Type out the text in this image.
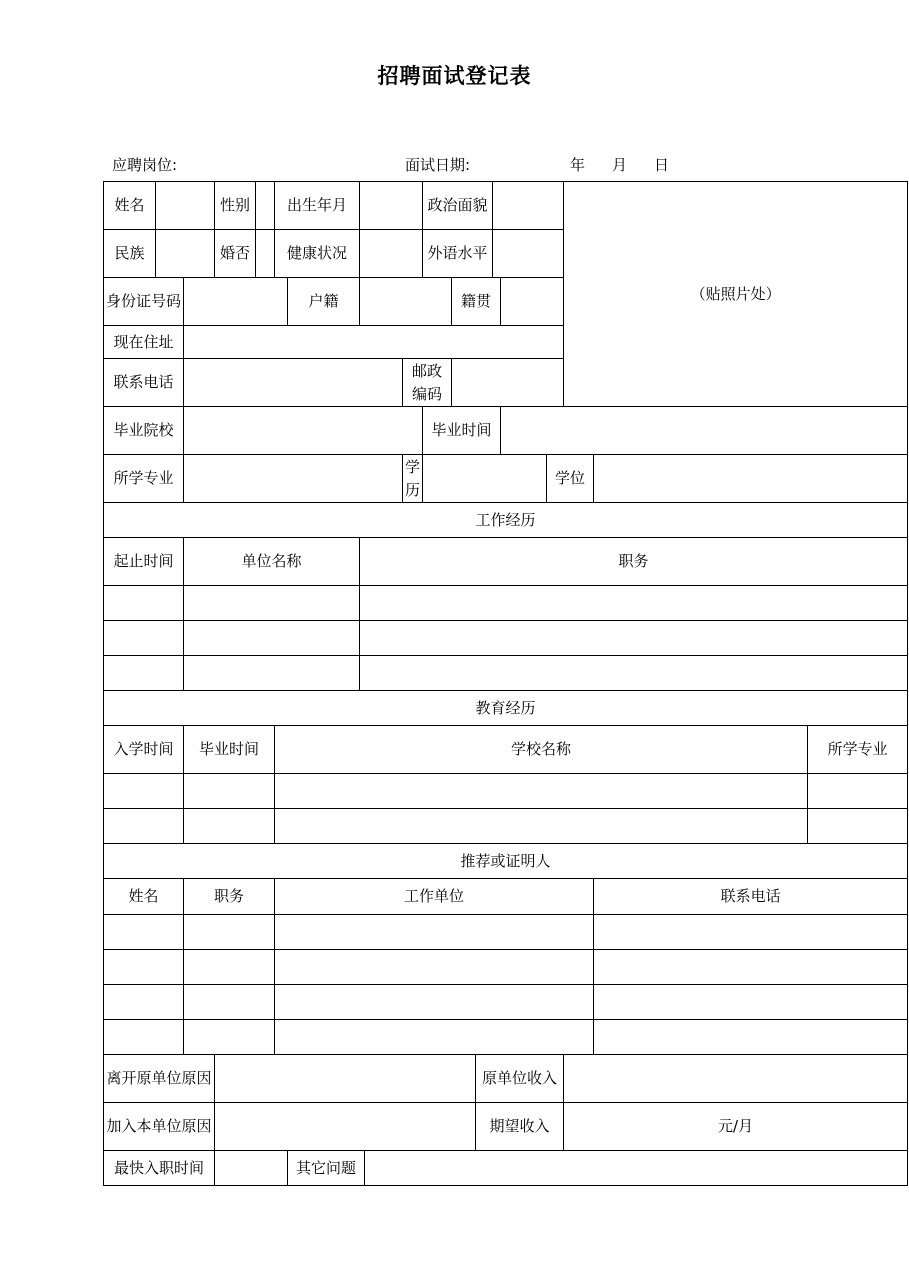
招聘面试登记表
应聘岗位:	面试日期:	年 月 日
姓名			性别		出生年月					政治面貌						（贴照片处）		
民族			婚否		健康状况					外语水平								
身份证号码						户籍					籍贯							
现在住址																		
联系电话									邮政编码									
毕业院校										毕业时间								
所学专业									学历						学位			
工作经历																		
起止时间		单位名称					职务											

教育经历																		
入学时间		毕业时间			学校名称													所学专业

推荐或证明人																		
姓名		职务			工作单位												联系电话	

离开原单位原因												原单位收入						
加入本单位原因												期望收入				元/月		
最快入职时间						其它问题												
